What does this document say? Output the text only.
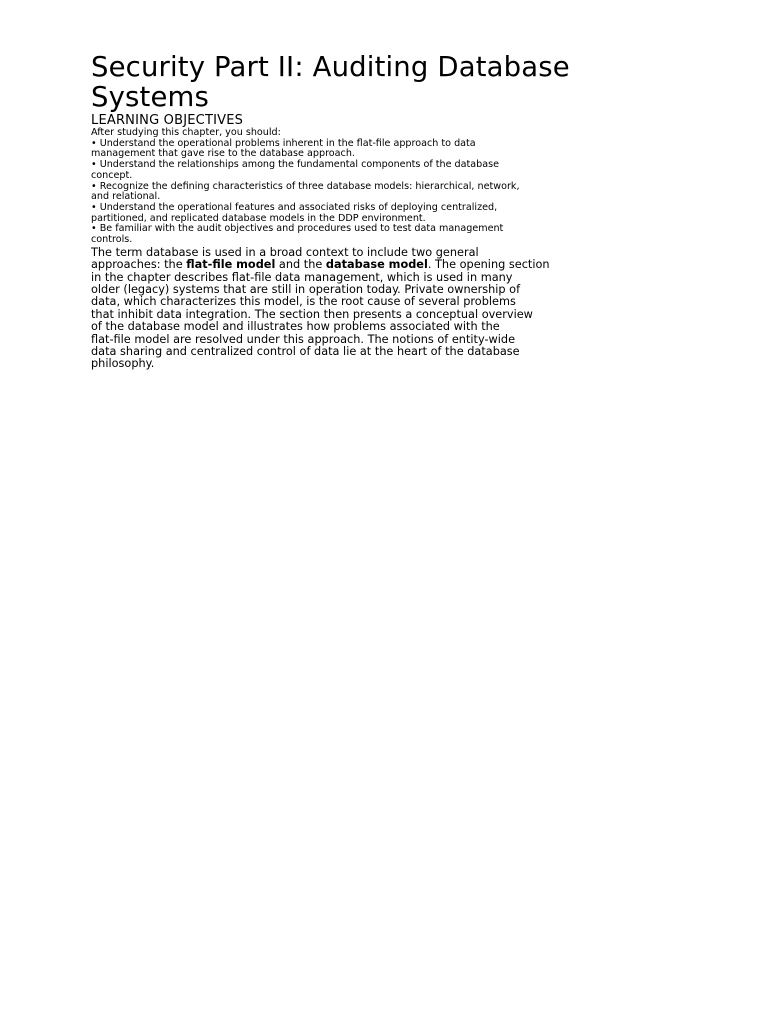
Security Part II: Auditing Database
Systems
LEARNING OBJECTIVES
After studying this chapter, you should:
• Understand the operational problems inherent in the flat-file approach to data
management that gave rise to the database approach.
• Understand the relationships among the fundamental components of the database
concept.
• Recognize the defining characteristics of three database models: hierarchical, network,
and relational.
• Understand the operational features and associated risks of deploying centralized,
partitioned, and replicated database models in the DDP environment.
• Be familiar with the audit objectives and procedures used to test data management
controls.
The term database is used in a broad context to include two general
approaches: the flat-file model and the database model. The opening section
in the chapter describes flat-file data management, which is used in many
older (legacy) systems that are still in operation today. Private ownership of
data, which characterizes this model, is the root cause of several problems
that inhibit data integration. The section then presents a conceptual overview
of the database model and illustrates how problems associated with the
flat-file model are resolved under this approach. The notions of entity-wide
data sharing and centralized control of data lie at the heart of the database
philosophy.
